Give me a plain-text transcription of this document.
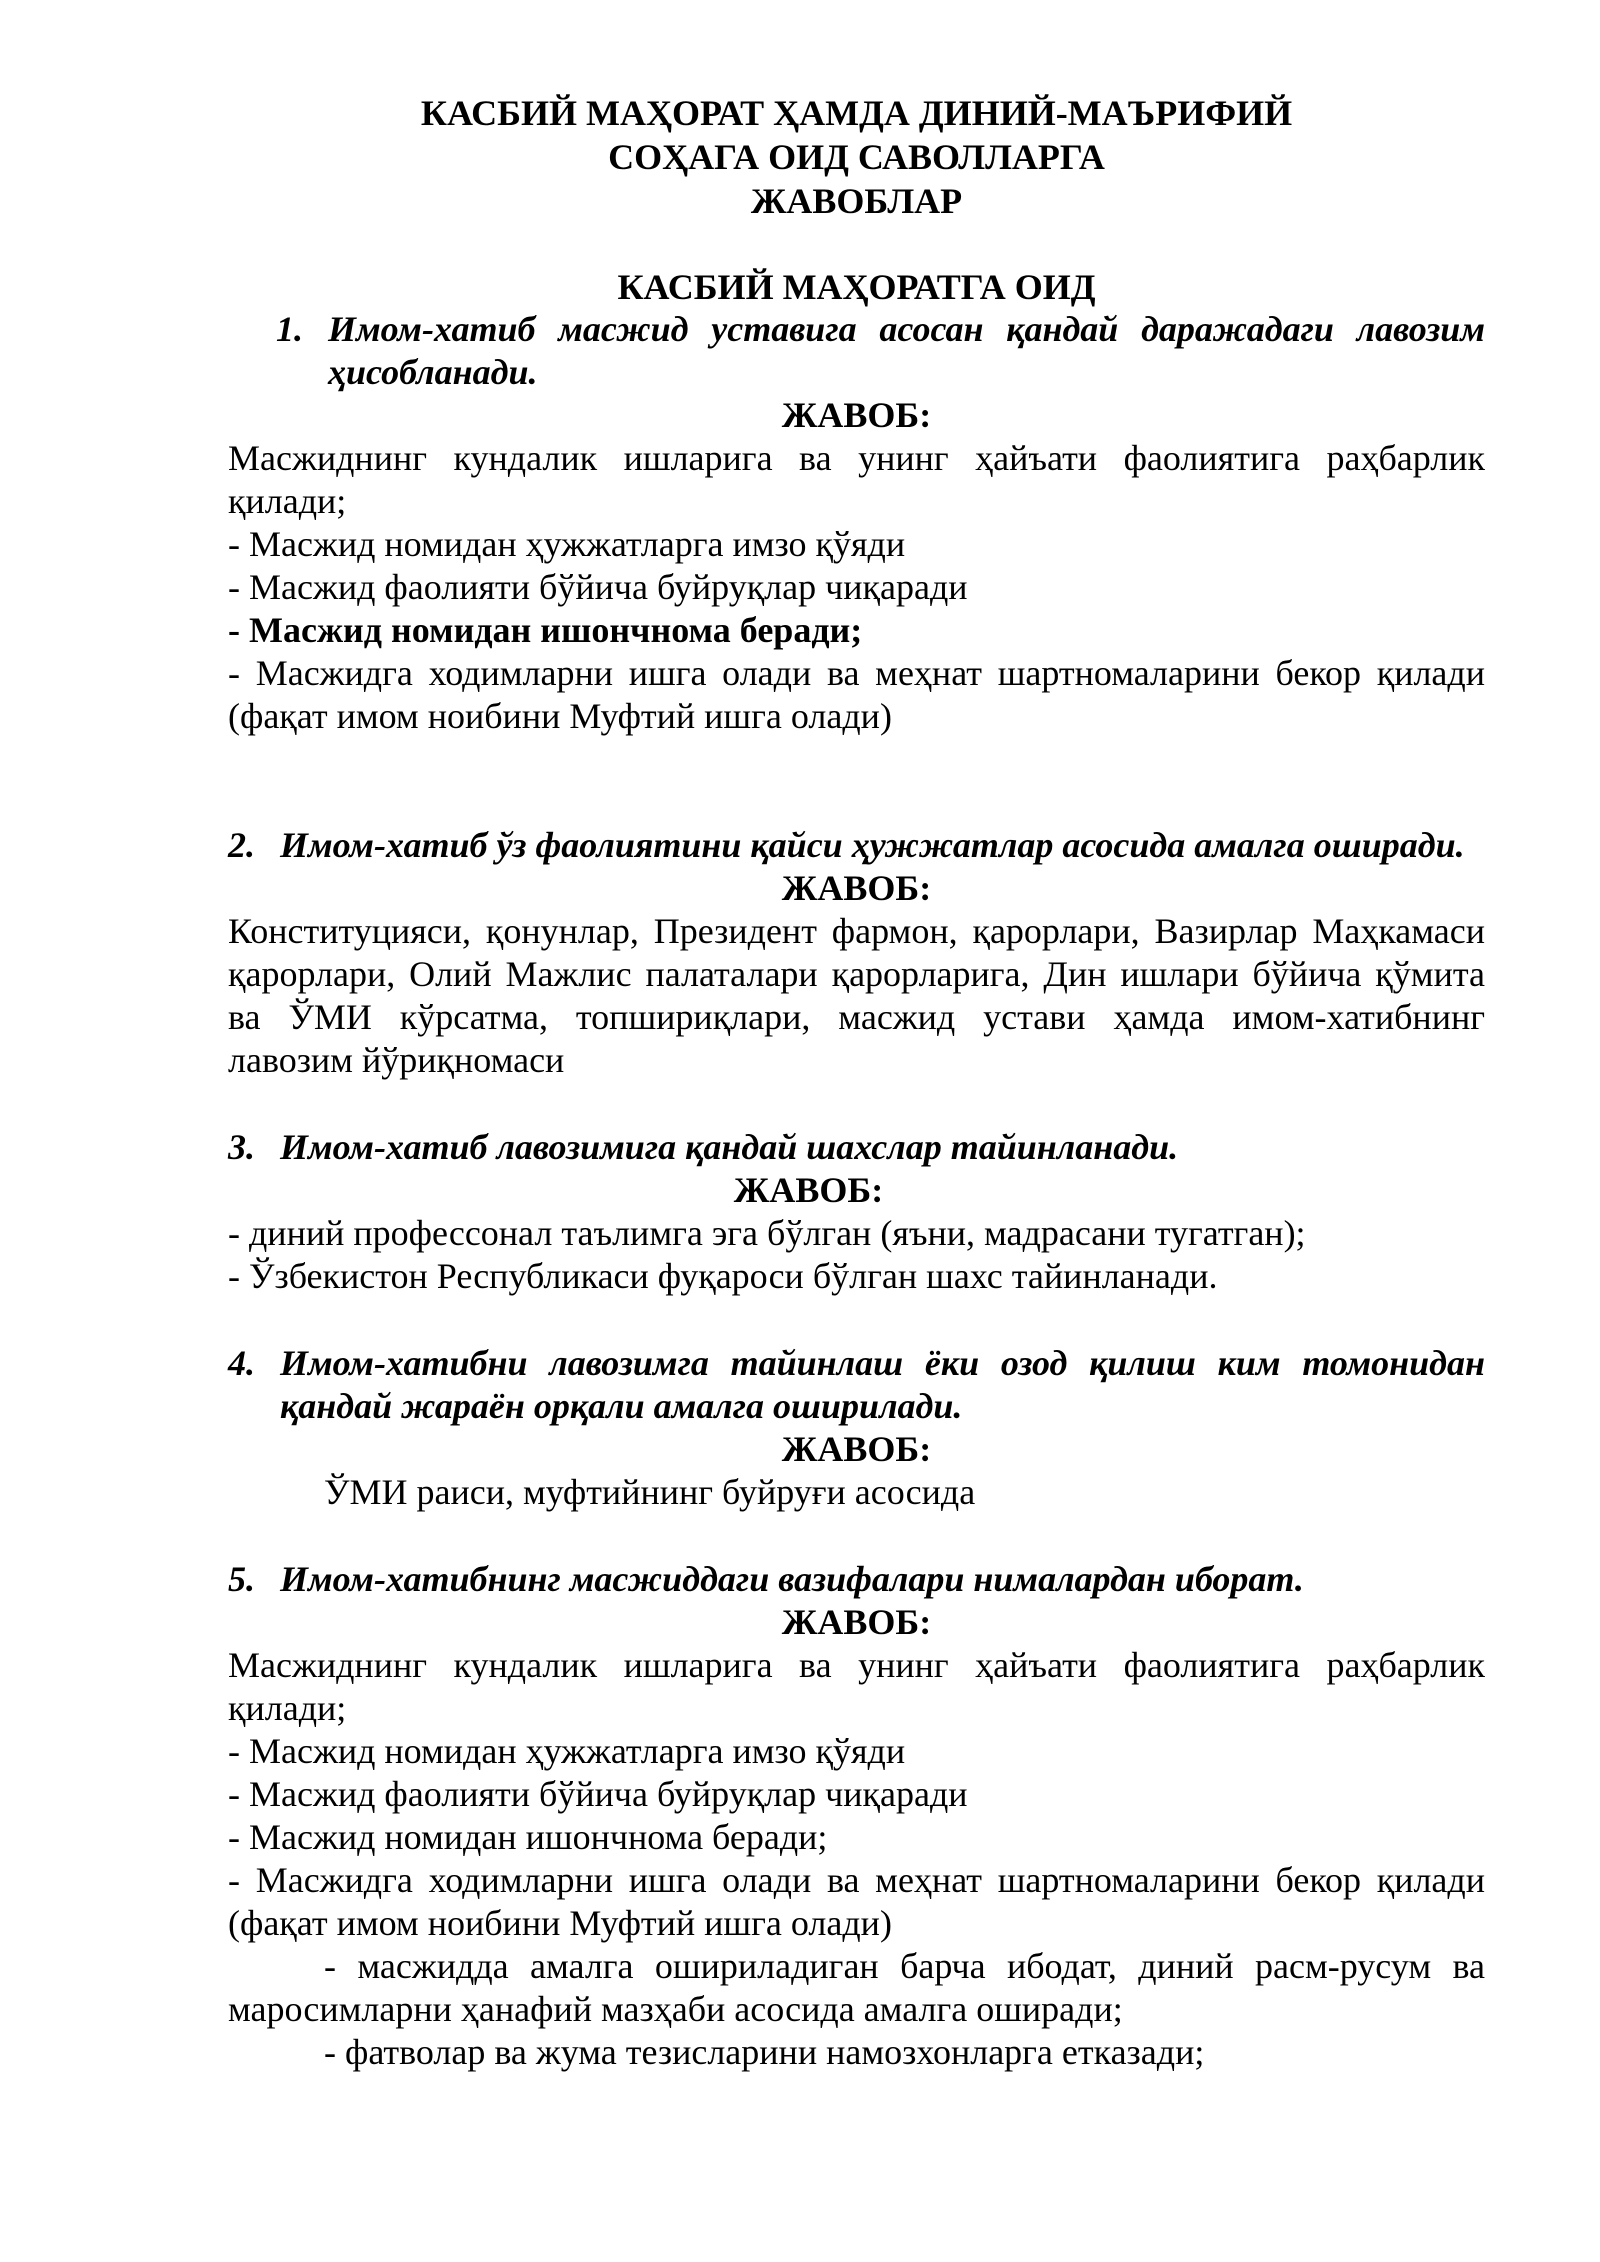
КАСБИЙ МАҲОРАТ ҲАМДА ДИНИЙ-МАЪРИФИЙ
СОҲАГА ОИД САВОЛЛАРГА
ЖАВОБЛАР
КАСБИЙ МАҲОРАТГА ОИД
1. Имом-хатиб масжид уставига асосан қандай даражадаги лавозим ҳисобланади.
ЖАВОБ:
Масжиднинг кундалик ишларига ва унинг ҳайъати фаолиятига раҳбарлик қилади;
- Масжид номидан ҳужжатларга имзо қўяди
- Масжид фаолияти бўйича буйруқлар чиқаради
- Масжид номидан ишончнома беради;
- Масжидга ходимларни ишга олади ва меҳнат шартномаларини бекор қилади (фақат имом ноибини Муфтий ишга олади)
2. Имом-хатиб ўз фаолиятини қайси ҳужжатлар асосида амалга оширади.
ЖАВОБ:
Конституцияси, қонунлар, Президент фармон, қарорлари, Вазирлар Маҳкамаси қарорлари, Олий Мажлис палаталари қарорларига, Дин ишлари бўйича қўмита ва ЎМИ кўрсатма, топшириқлари, масжид устави ҳамда имом-хатибнинг лавозим йўриқномаси
3. Имом-хатиб лавозимига қандай шахслар тайинланади.
ЖАВОБ:
- диний профессонал таълимга эга бўлган (яъни, мадрасани тугатган);
- Ўзбекистон Республикаси фуқароси бўлган шахс тайинланади.
4. Имом-хатибни лавозимга тайинлаш ёки озод қилиш ким томонидан қандай жараён орқали амалга оширилади.
ЖАВОБ:
ЎМИ раиси, муфтийнинг буйруғи асосида
5. Имом-хатибнинг масжиддаги вазифалари нималардан иборат.
ЖАВОБ:
Масжиднинг кундалик ишларига ва унинг ҳайъати фаолиятига раҳбарлик қилади;
- Масжид номидан ҳужжатларга имзо қўяди
- Масжид фаолияти бўйича буйруқлар чиқаради
- Масжид номидан ишончнома беради;
- Масжидга ходимларни ишга олади ва меҳнат шартномаларини бекор қилади (фақат имом ноибини Муфтий ишга олади)
- масжидда амалга ошириладиган барча ибодат, диний расм-русум ва маросимларни ҳанафий мазҳаби асосида амалга оширади;
- фатволар ва жума тезисларини намозхонларга етказади;
